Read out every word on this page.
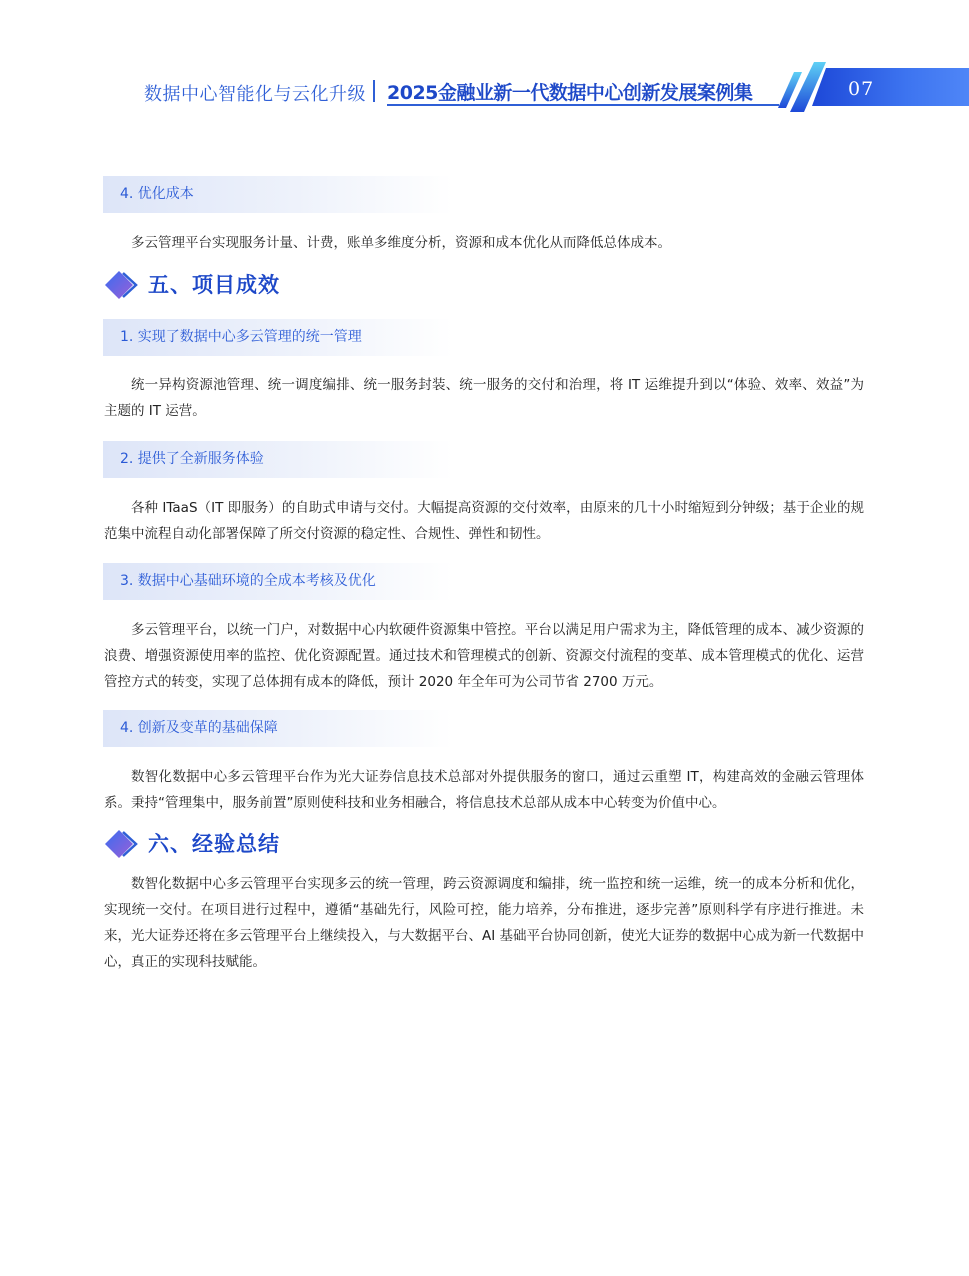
数据中心智能化与云化升级 2025金融业新一代数据中心创新发展案例集	07
4. 优化成本

多云管理平台实现服务计量、计费，账单多维度分析，资源和成本优化从而降低总体成本。

五、项目成效
1. 实现了数据中心多云管理的统一管理

统一异构资源池管理、统一调度编排、统一服务封装、统一服务的交付和治理，将 IT 运维提升到以“体验、效率、效益”为主题的 IT 运营。

2. 提供了全新服务体验

各种 ITaaS（IT 即服务）的自助式申请与交付。大幅提高资源的交付效率，由原来的几十小时缩短到分钟级；基于企业的规范集中流程自动化部署保障了所交付资源的稳定性、合规性、弹性和韧性。

3. 数据中心基础环境的全成本考核及优化

多云管理平台，以统一门户，对数据中心内软硬件资源集中管控。平台以满足用户需求为主，降低管理的成本、减少资源的浪费、增强资源使用率的监控、优化资源配置。通过技术和管理模式的创新、资源交付流程的变革、成本管理模式的优化、运营管控方式的转变，实现了总体拥有成本的降低，预计 2020 年全年可为公司节省 2700 万元。

4. 创新及变革的基础保障

数智化数据中心多云管理平台作为光大证券信息技术总部对外提供服务的窗口，通过云重塑 IT，构建高效的金融云管理体系。秉持“管理集中，服务前置”原则使科技和业务相融合，将信息技术总部从成本中心转变为价值中心。

六、经验总结

数智化数据中心多云管理平台实现多云的统一管理，跨云资源调度和编排，统一监控和统一运维，统一的成本分析和优化，实现统一交付。在项目进行过程中，遵循“基础先行，风险可控，能力培养，分布推进，逐步完善”原则科学有序进行推进。未来，光大证券还将在多云管理平台上继续投入，与大数据平台、AI 基础平台协同创新，使光大证券的数据中心成为新一代数据中心，真正的实现科技赋能。
